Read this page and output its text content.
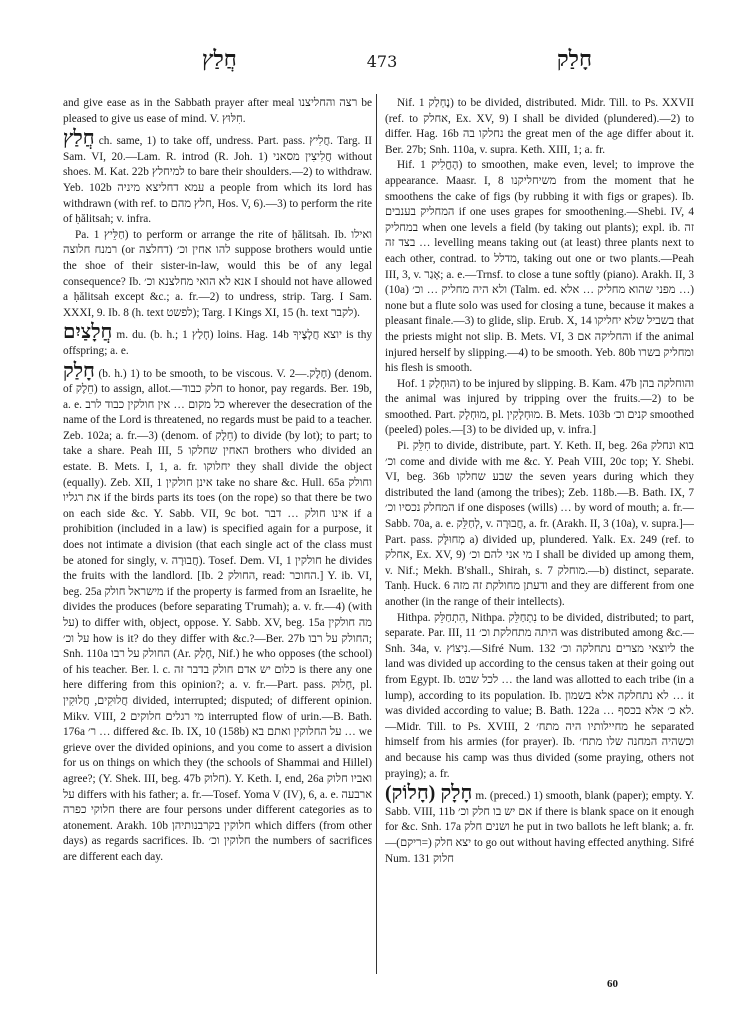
חֲלַץ	473	חָלַק

and give ease as in the Sabbath prayer after meal רצה והחליצנו be pleased to give us ease of mind. V. חִלּוּץ.

חֲלַץ ch. same, 1) to take off, undress. Part. pass. חֲלִיץ. Targ. II Sam. VI, 20.—Lam. R. introd (R. Joh. 1) חֲלִיצִין מסאני without shoes. M. Kat. 22b למיחלץ to bare their shoulders.—2) to withdraw. Yeb. 102b עמא דחליצא מיניה a people from which its lord has withdrawn (with ref. to חלץ מהם, Hos. V, 6).—3) to perform the rite of ḥălitsah; v. infra.

Pa. חַלֵּיץ 1) to perform or arrange the rite of ḥălitsah. Ib. ואילו רמנח חלוצה (or דחלצה) להו אחין וכ׳ suppose brothers would untie the shoe of their sister-in-law, would this be of any legal consequence? Ib. אנא לא הואי מחלצנא וכ׳ I should not have allowed a ḥălitsah except &c.; a. fr.—2) to undress, strip. Targ. I Sam. XXXI, 9. Ib. 8 (h. text לפשט); Targ. I Kings XI, 15 (h. text לקבר).

חֲלָצַיִם m. du. (b. h.; חָלַץ 1) loins. Hag. 14b יוצא חֲלָצֶיךָ is thy offspring; a. e.

חָלַק (b. h.) 1) to be smooth, to be viscous. V. חֶלֶק.—2) (denom. of חֵלֶק) to assign, allot.—חלק כבוד to honor, pay regards. Ber. 19b, a. e. כל מקום … אין חולקין כבוד לרב wherever the desecration of the name of the Lord is threatened, no regards must be paid to a teacher. Zeb. 102a; a. fr.—3) (denom. of חֵלֶק) to divide (by lot); to part; to take a share. Peah III, 5 האחין שחלקו brothers who divided an estate. B. Mets. I, 1, a. fr. יחלוקו they shall divide the object (equally). Zeb. XII, 1 אינן חולקין take no share &c. Hull. 65a וחולק את רגליו if the birds parts its toes (on the rope) so that there be two on each side &c. Y. Sabb. VII, 9c bot. אינו חולק … דבר if a prohibition (included in a law) is specified again for a purpose, it does not intimate a division (that each single act of the class must be atoned for singly, v. חֲבוּרָה). Tosef. Dem. VI, 1 חולקין he divides the fruits with the landlord. [Ib. 2 החולק, read: החוכר.] Y. ib. VI, beg. 25a מישראל חולק if the property is farmed from an Israelite, he divides the produces (before separating T'rumah); a. v. fr.—4) (with על) to differ with, object, oppose. Y. Sabb. XV, beg. 15a מה חולקין על וכ׳ how is it? do they differ with &c.?—Ber. 27b החולק על רבו; Snh. 110a החולק על רבו (Ar. חָלַק, Nif.) he who opposes (the school) of his teacher. Ber. l. c. כלום יש אדם חולק בדבר זה is there any one here differing from this opinion?; a. v. fr.—Part. pass. חָלוּק, pl. חֲלוּקִים, חֲלוּקִין divided, interrupted; disputed; of different opinion. Mikv. VIII, 2 מי רגלים חלוקים interrupted flow of urin.—B. Bath. 176a ר׳ … differed &c. Ib. IX, 10 (158b) על החלוקין ואתם בא … we grieve over the divided opinions, and you come to assert a division for us on things on which they (the schools of Shammai and Hillel) agree?; (Y. Shek. III, beg. 47b חלוק). Y. Keth. I, end, 26a ואביו חלוק על differs with his father; a. fr.—Tosef. Yoma V (IV), 6, a. e. ארבעה חלוקי כפרה there are four persons under different categories as to atonement. Arakh. 10b חלוקין בקרבנותיהן which differs (from other days) as regards sacrifices. Ib. חלוקין וכ׳ the numbers of sacrifices are different each day.

Nif. נֶחְלַק 1) to be divided, distributed. Midr. Till. to Ps. XXVII (ref. to אחלק, Ex. XV, 9) I shall be divided (plundered).—2) to differ. Hag. 16b נחלקו בה the great men of the age differ about it. Ber. 27b; Snh. 110a, v. supra. Keth. XIII, 1; a. fr.

Hif. הֶחֱלִיק 1) to smoothen, make even, level; to improve the appearance. Maasr. I, 8 משיחליקנו from the moment that he smoothens the cake of figs (by rubbing it with figs or grapes). Ib. המחליק בענבים if one uses grapes for smoothening.—Shebi. IV, 4 במחליק when one levels a field (by taking out plants); expl. ib. זה … בצד זה levelling means taking out (at least) three plants next to each other, contrad. to מדלל, taking out one or two plants.—Peah III, 3, v. אָגַר; a. e.—Trnsf. to close a tune softly (piano). Arakh. II, 3 (10a) ולא היה מחליק … וכ׳ (Talm. ed. מפני שהוא מחליק … אלא …) none but a flute solo was used for closing a tune, because it makes a pleasant finale.—3) to glide, slip. Erub. X, 14 בשביל שלא יחליקו that the priests might not slip. B. Mets. VI, 3 והחליקה אם if the animal injured herself by slipping.—4) to be smooth. Yeb. 80b ומחליק בשרו his flesh is smooth.

Hof. הוּחְלַק 1) to be injured by slipping. B. Kam. 47b והוחלקה בהן the animal was injured by tripping over the fruits.—2) to be smoothed. Part. מוּחְלָק, pl. מוּחְלָקִין. B. Mets. 103b קנים וכ׳ smoothed (peeled) poles.—[3) to be divided up, v. infra.]

Pi. חִלֵּק to divide, distribute, part. Y. Keth. II, beg. 26a בוא ונחלק וכ׳ come and divide with me &c. Y. Peah VIII, 20c top; Y. Shebi. VI, beg. 36b שבע שחלקו the seven years during which they distributed the land (among the tribes); Zeb. 118b.—B. Bath. IX, 7 המחלק נכסיו וכ׳ if one disposes (wills) … by word of mouth; a. fr.—Sabb. 70a, a. e. לְחַלֵּק, v. חֲבוּרָה, a. fr. (Arakh. II, 3 (10a), v. supra.]—Part. pass. מְחוּלָּק a) divided up, plundered. Yalk. Ex. 249 (ref. to אחלק, Ex. XV, 9) מי אני להם וכ׳ I shall be divided up among them, v. Nif.; Mekh. B'shall., Shirah, s. 7 מוחלק.—b) distinct, separate. Tanḥ. Huck. 6 ודעתן מחולקת זה מזה and they are different from one another (in the range of their intellects).

Hithpa. הִתְחַלֵּק, Nithpa. נִתְחַלֵּק to be divided, distributed; to part, separate. Par. III, 11 היתה מתחלקת וכ׳ was distributed among &c.—Snh. 34a, v. נִיצוֹץ.—Sifré Num. 132 ליוצאי מצרים נתחלקה וכ׳ the land was divided up according to the census taken at their going out from Egypt. Ib. לכל שבט … the land was allotted to each tribe (in a lump), according to its population. Ib. לא נתחלקה אלא בשמון … it was divided according to value; B. Bath. 122a … לא כ׳ אלא בכסף.—Midr. Till. to Ps. XVIII, 2 מחיילותיו היה מתח׳ he separated himself from his armies (for prayer). Ib. וכשהיה המחנה שלו מתח׳ and because his camp was thus divided (some praying, others not praying); a. fr.

חָלָק (חָלוֹק) m. (preced.) 1) smooth, blank (paper); empty. Y. Sabb. VIII, 11b אם יש בו חלק וכ׳ if there is blank space on it enough for &c. Snh. 17a ושנים חלק he put in two ballots he left blank; a. fr.—(ריקם=) יצא חלק to go out without having effected anything. Sifré Num. 131 חלוק

60
